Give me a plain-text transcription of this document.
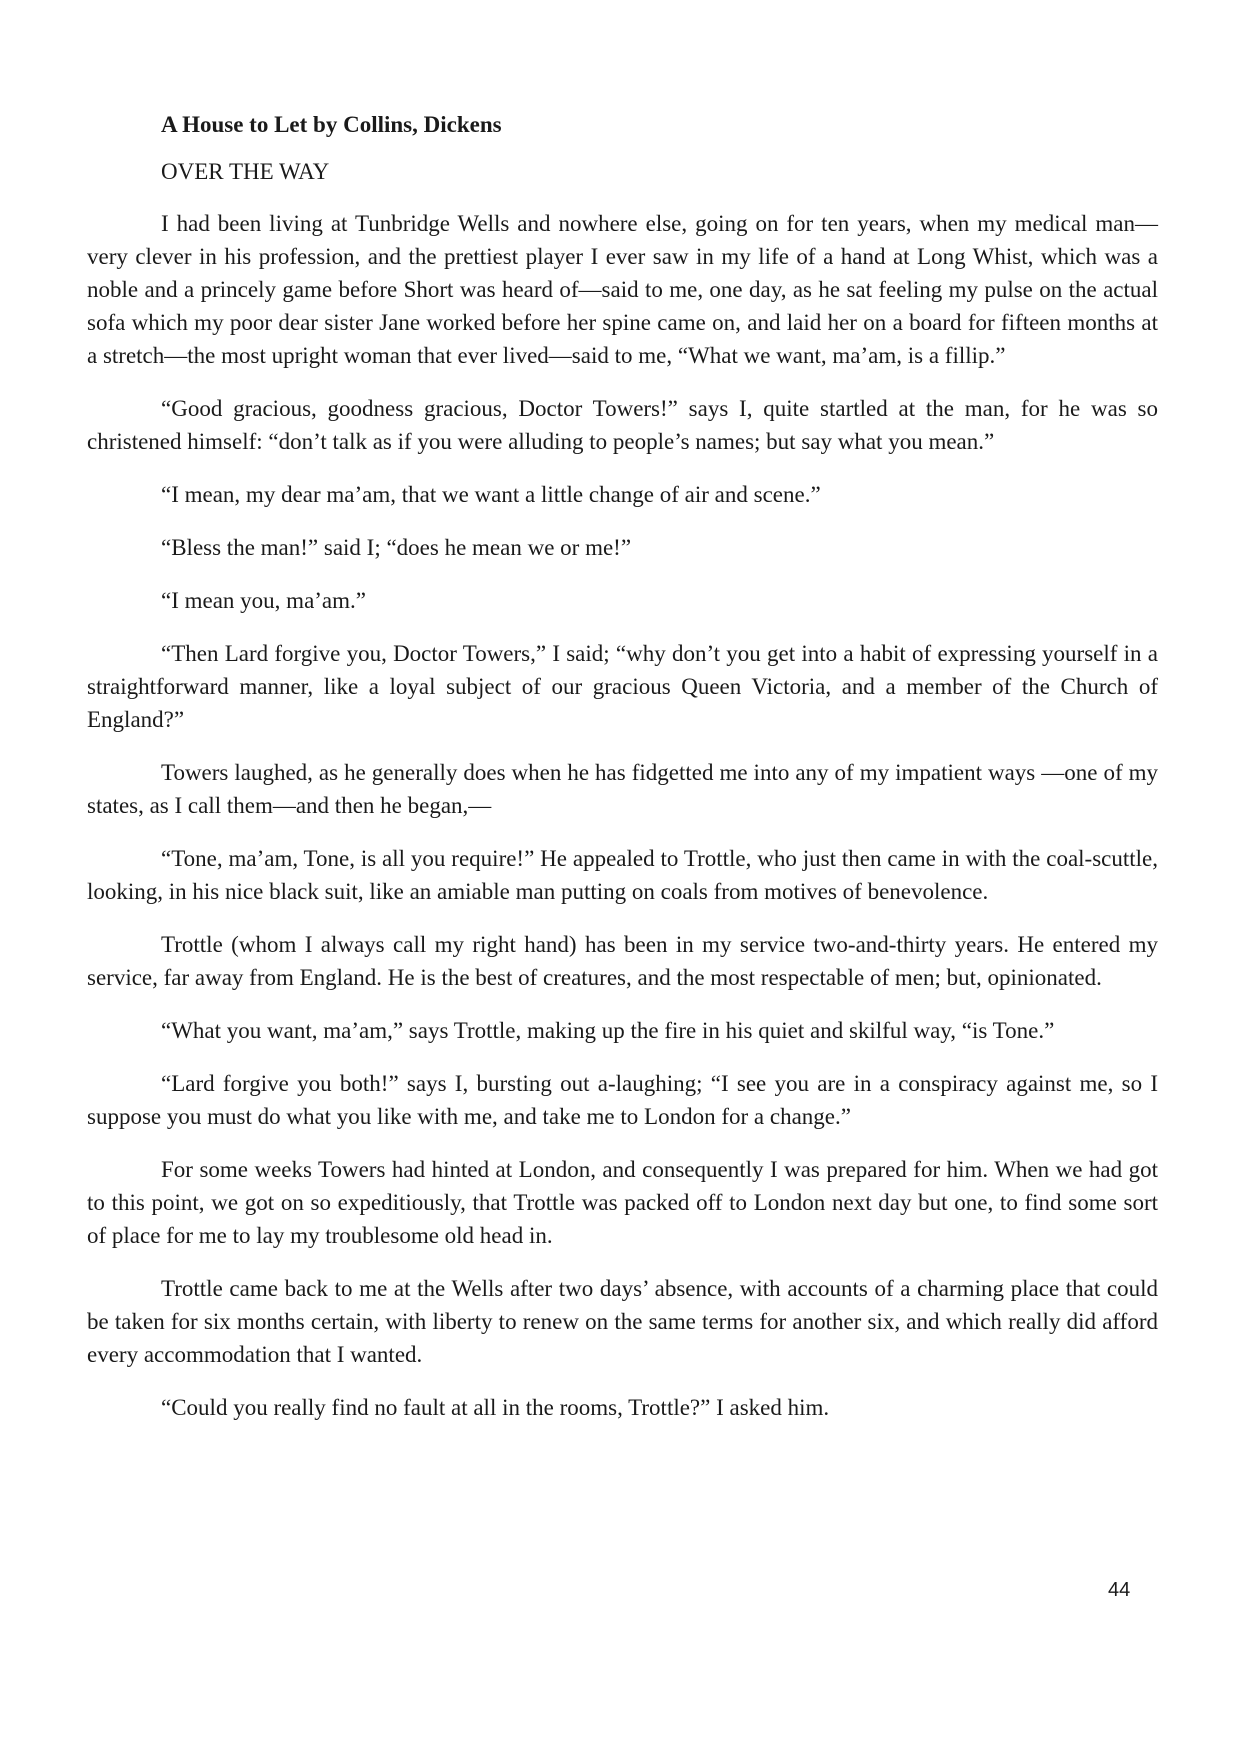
A House to Let by Collins, Dickens
OVER THE WAY

I had been living at Tunbridge Wells and nowhere else, going on for ten years, when my medical man—very clever in his profession, and the prettiest player I ever saw in my life of a hand at Long Whist, which was a noble and a princely game before Short was heard of—said to me, one day, as he sat feeling my pulse on the actual sofa which my poor dear sister Jane worked before her spine came on, and laid her on a board for fifteen months at a stretch—the most upright woman that ever lived—said to me, “What we want, ma’am, is a fillip.”

“Good gracious, goodness gracious, Doctor Towers!” says I, quite startled at the man, for he was so christened himself: “don’t talk as if you were alluding to people’s names; but say what you mean.”

“I mean, my dear ma’am, that we want a little change of air and scene.”

“Bless the man!” said I; “does he mean we or me!”

“I mean you, ma’am.”

“Then Lard forgive you, Doctor Towers,” I said; “why don’t you get into a habit of expressing yourself in a straightforward manner, like a loyal subject of our gracious Queen Victoria, and a member of the Church of England?”

Towers laughed, as he generally does when he has fidgetted me into any of my impatient ways —one of my states, as I call them—and then he began,—

“Tone, ma’am, Tone, is all you require!” He appealed to Trottle, who just then came in with the coal-scuttle, looking, in his nice black suit, like an amiable man putting on coals from motives of benevolence.

Trottle (whom I always call my right hand) has been in my service two-and-thirty years. He entered my service, far away from England. He is the best of creatures, and the most respectable of men; but, opinionated.

“What you want, ma’am,” says Trottle, making up the fire in his quiet and skilful way, “is Tone.”

“Lard forgive you both!” says I, bursting out a-laughing; “I see you are in a conspiracy against me, so I suppose you must do what you like with me, and take me to London for a change.”

For some weeks Towers had hinted at London, and consequently I was prepared for him. When we had got to this point, we got on so expeditiously, that Trottle was packed off to London next day but one, to find some sort of place for me to lay my troublesome old head in.

Trottle came back to me at the Wells after two days’ absence, with accounts of a charming place that could be taken for six months certain, with liberty to renew on the same terms for another six, and which really did afford every accommodation that I wanted.

“Could you really find no fault at all in the rooms, Trottle?” I asked him.

44
